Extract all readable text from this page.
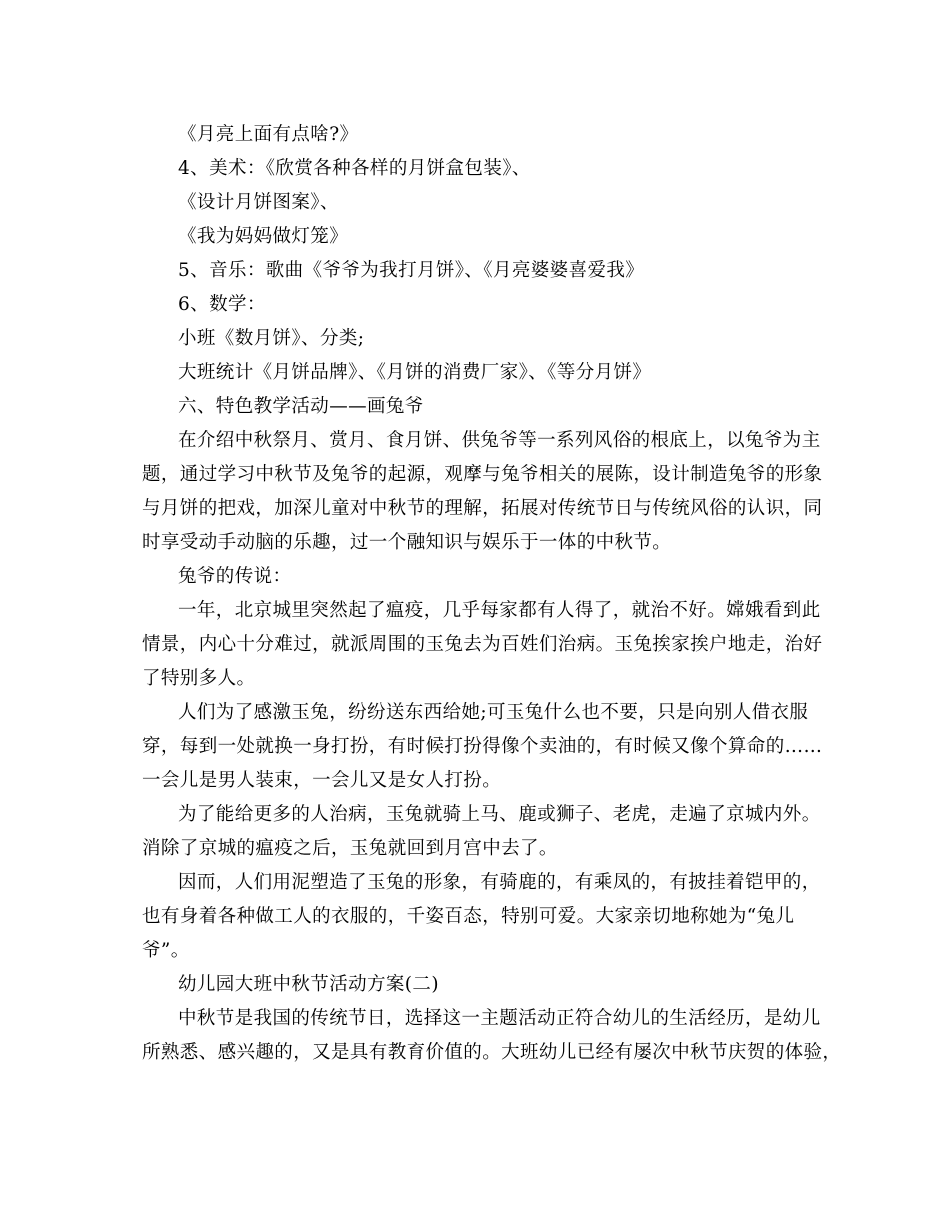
《月亮上面有点啥?》
4、美术：《欣赏各种各样的月饼盒包装》、
《设计月饼图案》、
《我为妈妈做灯笼》
5、音乐：歌曲《爷爷为我打月饼》、《月亮婆婆喜爱我》
6、数学：
小班《数月饼》、分类;
大班统计《月饼品牌》、《月饼的消费厂家》、《等分月饼》
六、特色教学活动——画兔爷
在介绍中秋祭月、赏月、食月饼、供兔爷等一系列风俗的根底上，以兔爷为主
题，通过学习中秋节及兔爷的起源，观摩与兔爷相关的展陈，设计制造兔爷的形象
与月饼的把戏，加深儿童对中秋节的理解，拓展对传统节日与传统风俗的认识，同
时享受动手动脑的乐趣，过一个融知识与娱乐于一体的中秋节。
兔爷的传说：
一年，北京城里突然起了瘟疫，几乎每家都有人得了，就治不好。嫦娥看到此
情景，内心十分难过，就派周围的玉兔去为百姓们治病。玉兔挨家挨户地走，治好
了特别多人。
人们为了感激玉兔，纷纷送东西给她;可玉兔什么也不要，只是向别人借衣服
穿，每到一处就换一身打扮，有时候打扮得像个卖油的，有时候又像个算命的……
一会儿是男人装束，一会儿又是女人打扮。
为了能给更多的人治病，玉兔就骑上马、鹿或狮子、老虎，走遍了京城内外。
消除了京城的瘟疫之后，玉兔就回到月宫中去了。
因而，人们用泥塑造了玉兔的形象，有骑鹿的，有乘凤的，有披挂着铠甲的，
也有身着各种做工人的衣服的，千姿百态，特别可爱。大家亲切地称她为“兔儿
爷”。
幼儿园大班中秋节活动方案(二)
中秋节是我国的传统节日，选择这一主题活动正符合幼儿的生活经历，是幼儿
所熟悉、感兴趣的，又是具有教育价值的。大班幼儿已经有屡次中秋节庆贺的体验，
